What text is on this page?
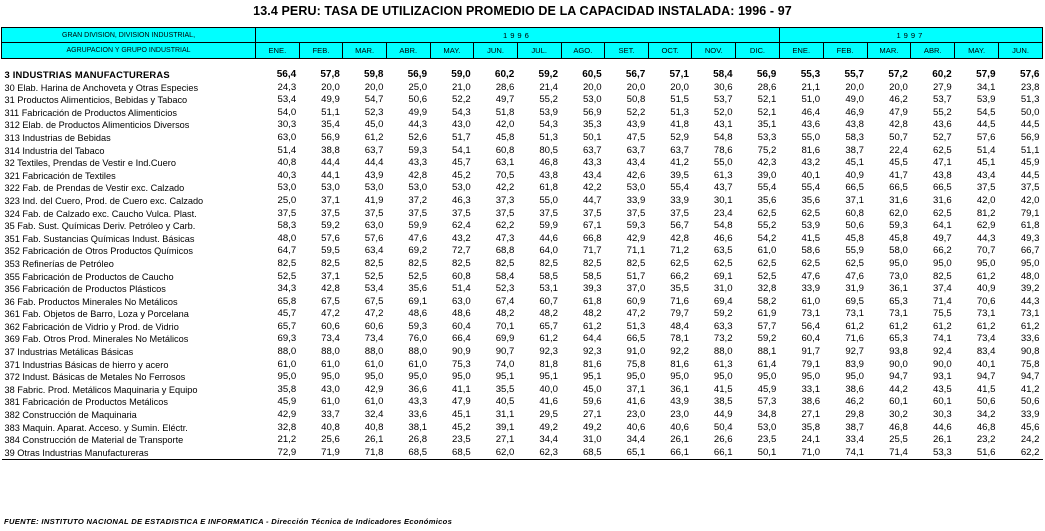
13.4 PERU: TASA DE UTILIZACION PROMEDIO DE LA CAPACIDAD INSTALADA: 1996 - 97
GRAN DIVISION, DIVISION INDUSTRIAL,	1996												1997					
AGRUPACION Y GRUPO INDUSTRIAL	ENE.	FEB.	MAR.	ABR.	MAY.	JUN.	JUL.	AGO.	SET.	OCT.	NOV.	DIC.	ENE.	FEB.	MAR.	ABR.	MAY.	JUN.

3 INDUSTRIAS MANUFACTURERAS	56,4	57,8	59,8	56,9	59,0	60,2	59,2	60,5	56,7	57,1	58,4	56,9	55,3	55,7	57,2	60,2	57,9	57,6
30 Elab. Harina de Anchoveta y Otras Especies	24,3	20,0	20,0	25,0	21,0	28,6	21,4	20,0	20,0	20,0	30,6	28,6	21,1	20,0	20,0	27,9	34,1	23,8
31 Productos Alimenticios, Bebidas y Tabaco	53,4	49,9	54,7	50,6	52,2	49,7	55,2	53,0	50,8	51,5	53,7	52,1	51,0	49,0	46,2	53,7	53,9	51,3
311 Fabricación de Productos Alimenticios	54,0	51,1	52,3	49,9	54,3	51,8	53,9	56,9	52,2	51,3	52,0	52,1	46,4	46,9	47,9	55,2	54,5	50,0
312 Elab. de Productos Alimenticios Diversos	30,3	35,4	45,0	44,3	43,0	42,0	54,3	35,3	43,9	41,8	43,1	35,1	43,6	43,8	42,8	43,6	44,5	44,5
313 Industrias de Bebidas	63,0	56,9	61,2	52,6	51,7	45,8	51,3	50,1	47,5	52,9	54,8	53,3	55,0	58,3	50,7	52,7	57,6	56,9
314 Industria del Tabaco	51,4	38,8	63,7	59,3	54,1	60,8	80,5	63,7	63,7	63,7	78,6	75,2	81,6	38,7	22,4	62,5	51,4	51,1
32 Textiles, Prendas de Vestir e Ind.Cuero	40,8	44,4	44,4	43,3	45,7	63,1	46,8	43,3	43,4	41,2	55,0	42,3	43,2	45,1	45,5	47,1	45,1	45,9
321 Fabricación de Textiles	40,3	44,1	43,9	42,8	45,2	70,5	43,8	43,4	42,6	39,5	61,3	39,0	40,1	40,9	41,7	43,8	43,4	44,5
322 Fab. de Prendas de Vestir exc. Calzado	53,0	53,0	53,0	53,0	53,0	42,2	61,8	42,2	53,0	55,4	43,7	55,4	55,4	66,5	66,5	66,5	37,5	37,5
323 Ind. del Cuero, Prod. de Cuero exc. Calzado	25,0	37,1	41,9	37,2	46,3	37,3	55,0	44,7	33,9	33,9	30,1	35,6	35,6	37,1	31,6	31,6	42,0	42,0
324 Fab. de Calzado exc. Caucho Vulca. Plast.	37,5	37,5	37,5	37,5	37,5	37,5	37,5	37,5	37,5	37,5	23,4	62,5	62,5	60,8	62,0	62,5	81,2	79,1
35 Fab. Sust. Químicas Deriv. Petróleo y Carb.	58,3	59,2	63,0	59,9	62,4	62,2	59,9	67,1	59,3	56,7	54,8	55,2	53,9	50,6	59,3	64,1	62,9	61,8
351 Fab. Sustancias Químicas Indust. Básicas	48,0	57,6	57,6	47,6	43,2	47,3	44,6	66,8	42,9	42,8	46,6	54,2	41,5	45,8	45,8	49,7	44,3	49,3
352 Fabricación de Otros Productos Químicos	64,7	59,5	63,4	69,2	72,7	68,8	64,0	71,7	71,1	71,2	63,5	61,0	58,6	55,9	58,0	66,2	70,7	66,7
353 Refinerías de Petróleo	82,5	82,5	82,5	82,5	82,5	82,5	82,5	82,5	82,5	62,5	62,5	62,5	62,5	62,5	95,0	95,0	95,0	95,0
355 Fabricación de Productos de Caucho	52,5	37,1	52,5	52,5	60,8	58,4	58,5	58,5	51,7	66,2	69,1	52,5	47,6	47,6	73,0	82,5	61,2	48,0
356 Fabricación de Productos Plásticos	34,3	42,8	53,4	35,6	51,4	52,3	53,1	39,3	37,0	35,5	31,0	32,8	33,9	31,9	36,1	37,4	40,9	39,2
36 Fab. Productos Minerales No Metálicos	65,8	67,5	67,5	69,1	63,0	67,4	60,7	61,8	60,9	71,6	69,4	58,2	61,0	69,5	65,3	71,4	70,6	44,3
361 Fab. Objetos de Barro, Loza y Porcelana	45,7	47,2	47,2	48,6	48,6	48,2	48,2	48,2	47,2	79,7	59,2	61,9	73,1	73,1	73,1	75,5	73,1	73,1
362 Fabricación de Vidrio y Prod. de Vidrio	65,7	60,6	60,6	59,3	60,4	70,1	65,7	61,2	51,3	48,4	63,3	57,7	56,4	61,2	61,2	61,2	61,2	61,2
369 Fab. Otros Prod. Minerales No Metálicos	69,3	73,4	73,4	76,0	66,4	69,9	61,2	64,4	66,5	78,1	73,2	59,2	60,4	71,6	65,3	74,1	73,4	33,6
37 Industrias Metálicas Básicas	88,0	88,0	88,0	88,0	90,9	90,7	92,3	92,3	91,0	92,2	88,0	88,1	91,7	92,7	93,8	92,4	83,4	90,8
371 Industrias Básicas de hierro y acero	61,0	61,0	61,0	61,0	75,3	74,0	81,8	81,6	75,8	81,6	61,3	61,4	79,1	83,9	90,0	90,0	40,1	75,8
372 Indust. Básicas de Metales No Ferrosos	95,0	95,0	95,0	95,0	95,0	95,1	95,1	95,1	95,0	95,0	95,0	95,0	95,0	95,0	94,7	93,1	94,7	94,7
38 Fabric. Prod. Metálicos Maquinaria y Equipo	35,8	43,0	42,9	36,6	41,1	35,5	40,0	45,0	37,1	36,1	41,5	45,9	33,1	38,6	44,2	43,5	41,5	41,2
381 Fabricación de Productos Metálicos	45,9	61,0	61,0	43,3	47,9	40,5	41,6	59,6	41,6	43,9	38,5	57,3	38,6	46,2	60,1	60,1	50,6	50,6
382 Construcción de Maquinaria	42,9	33,7	32,4	33,6	45,1	31,1	29,5	27,1	23,0	23,0	44,9	34,8	27,1	29,8	30,2	30,3	34,2	33,9
383 Maquin. Aparat. Acceso. y Sumin. Eléctr.	32,8	40,8	40,8	38,1	45,2	39,1	49,2	49,2	40,6	40,6	50,4	53,0	35,8	38,7	46,8	44,6	46,8	45,6
384 Construcción de Material de Transporte	21,2	25,6	26,1	26,8	23,5	27,1	34,4	31,0	34,4	26,1	26,6	23,5	24,1	33,4	25,5	26,1	23,2	24,2
39 Otras Industrias Manufactureras	72,9	71,9	71,8	68,5	68,5	62,0	62,3	68,5	65,1	66,1	66,1	50,1	71,0	74,1	71,4	53,3	51,6	62,2
FUENTE: INSTITUTO NACIONAL DE ESTADISTICA E INFORMATICA - Dirección Técnica de Indicadores Económicos
